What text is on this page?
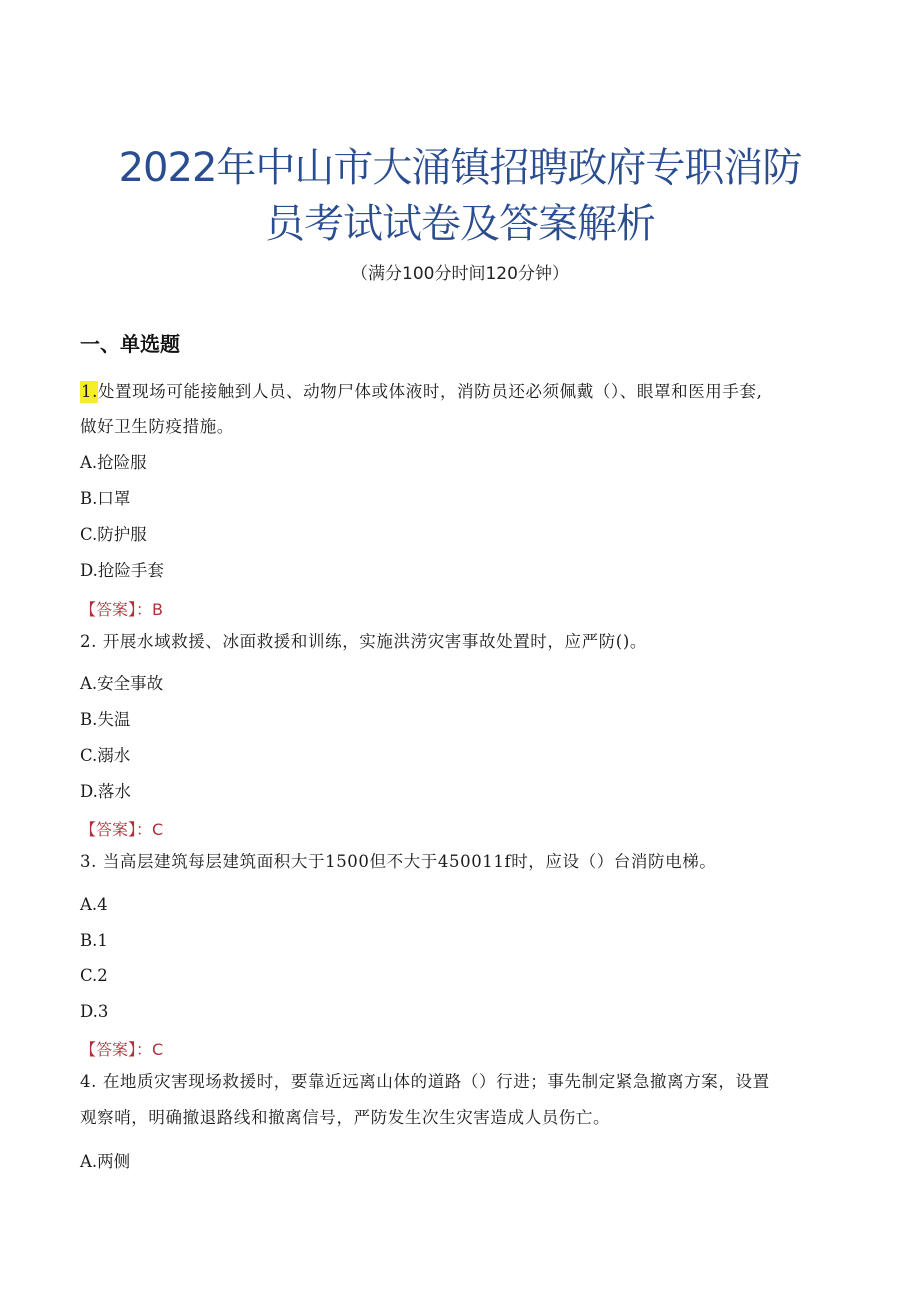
2022年中山市大涌镇招聘政府专职消防
员考试试卷及答案解析
（满分100分时间120分钟）
一、单选题
1.处置现场可能接触到人员、动物尸体或体液时，消防员还必须佩戴（）、眼罩和医用手套,
做好卫生防疫措施。
A.抢险服
B.口罩
C.防护服
D.抢险手套
【答案】：B
2. 开展水域救援、冰面救援和训练，实施洪涝灾害事故处置时，应严防()。
A.安全事故
B.失温
C.溺水
D.落水
【答案】：C
3. 当高层建筑每层建筑面积大于1500但不大于450011f时，应设（）台消防电梯。
A.4
B.1
C.2
D.3
【答案】：C
4. 在地质灾害现场救援时，要靠近远离山体的道路（）行进；事先制定紧急撤离方案，设置
观察哨，明确撤退路线和撤离信号，严防发生次生灾害造成人员伤亡。
A.两侧
